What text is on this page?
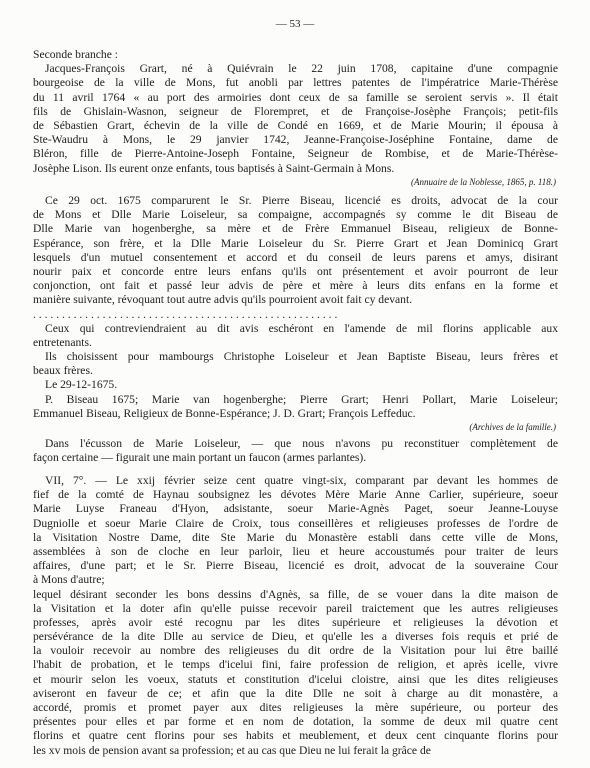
— 53 —
Seconde branche :
Jacques-François Grart, né à Quiévrain le 22 juin 1708, capitaine d'une compagnie
bourgeoise de la ville de Mons, fut anobli par lettres patentes de l'impératrice Marie-Thérèse
du 11 avril 1764 « au port des armoiries dont ceux de sa famille se seroient servis ». Il était
fils de Ghislain-Wasnon, seigneur de Florempret, et de Françoise-Josèphe François; petit-fils
de Sébastien Grart, échevin de la ville de Condé en 1669, et de Marie Mourin; il épousa à
Ste-Waudru à Mons, le 29 janvier 1742, Jeanne-Françoise-Joséphine Fontaine, dame de
Bléron, fille de Pierre-Antoine-Joseph Fontaine, Seigneur de Rombise, et de Marie-Thérèse-
Josèphe Lison. Ils eurent onze enfants, tous baptisés à Saint-Germain à Mons.
(Annuaire de la Noblesse, 1865, p. 118.)
Ce 29 oct. 1675 comparurent le Sr. Pierre Biseau, licencié es droits, advocat de la cour
de Mons et Dlle Marie Loiseleur, sa compaigne, accompagnés sy comme le dit Biseau de
Dlle Marie van hogenberghe, sa mère et de Frère Emmanuel Biseau, religieux de Bonne-
Espérance, son frère, et la Dlle Marie Loiseleur du Sr. Pierre Grart et Jean Dominicq Grart
lesquels d'un mutuel consentement et accord et du conseil de leurs parens et amys, disirant
nourir paix et concorde entre leurs enfans qu'ils ont présentement et avoir pourront de leur
conjonction, ont fait et passé leur advis de père et mère à leurs dits enfans en la forme et
manière suivante, révoquant tout autre advis qu'ils pourroient avoit fait cy devant.
. . . . . . . . . . . . . . . . . . . . . . . . . . . . . . . . . . . . . . . . . . . . . . . . . . . . .
Ceux qui contreviendraient au dit avis eschéront en l'amende de mil florins applicable aux
entretenants.
Ils choisissent pour mambourgs Christophe Loiseleur et Jean Baptiste Biseau, leurs frères et
beaux frères.
Le 29-12-1675.
P. Biseau 1675; Marie van hogenberghe; Pierre Grart; Henri Pollart, Marie Loiseleur;
Emmanuel Biseau, Religieux de Bonne-Espérance; J. D. Grart; François Leffeduc.
(Archives de la famille.)
Dans l'écusson de Marie Loiseleur, — que nous n'avons pu reconstituer complètement de
façon certaine — figurait une main portant un faucon (armes parlantes).
VII, 7°. — Le xxij février seize cent quatre vingt-six, comparant par devant les hommes de
fief de la comté de Haynau soubsignez les dévotes Mère Marie Anne Carlier, supérieure, soeur
Marie Luyse Franeau d'Hyon, adsistante, soeur Marie-Agnès Paget, soeur Jeanne-Louyse
Dugniolle et soeur Marie Claire de Croix, tous conseillères et religieuses professes de l'ordre de
la Visitation Nostre Dame, dite Ste Marie du Monastère establi dans cette ville de Mons,
assemblées à son de cloche en leur parloir, lieu et heure accoustumés pour traiter de leurs
affaires, d'une part; et le Sr. Pierre Biseau, licencié es droit, advocat de la souveraine Cour
à Mons d'autre;
lequel désirant seconder les bons dessins d'Agnès, sa fille, de se vouer dans la dite maison de
la Visitation et la doter afin qu'elle puisse recevoir pareil traictement que les autres religieuses
professes, après avoir esté recognu par les dites supérieure et religieuses la dévotion et
persévérance de la dite Dlle au service de Dieu, et qu'elle les a diverses fois requis et prié de
la vouloir recevoir au nombre des religieuses du dit ordre de la Visitation pour lui être baillé
l'habit de probation, et le temps d'icelui fini, faire profession de religion, et après icelle, vivre
et mourir selon les voeux, statuts et constitution d'icelui cloistre, ainsi que les dites religieuses
aviseront en faveur de ce; et afin que la dite Dlle ne soit à charge au dit monastère, a
accordé, promis et promet payer aux dites religieuses la mère supérieure, ou porteur des
présentes pour elles et par forme et en nom de dotation, la somme de deux mil quatre cent
florins et quatre cent florins pour ses habits et meublement, et deux cent cinquante florins pour
les xv mois de pension avant sa profession; et au cas que Dieu ne lui ferait la grâce de
